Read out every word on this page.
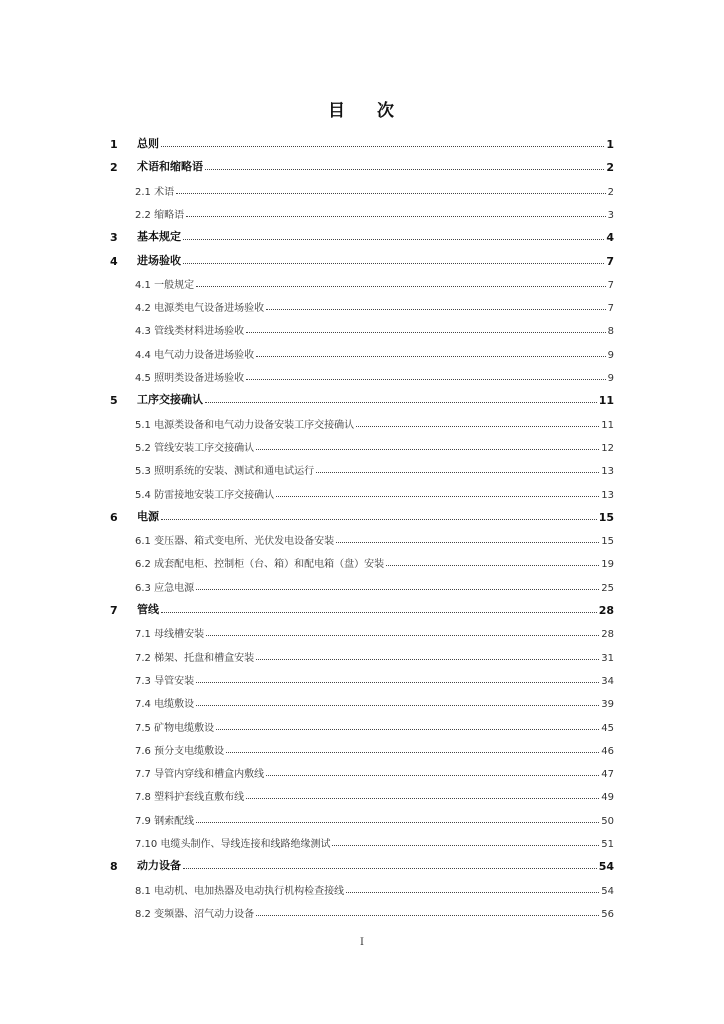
目 次
1	总则	1
2	术语和缩略语	2
2.1 术语	2
2.2 缩略语	3
3	基本规定	4
4	进场验收	7
4.1 一般规定	7
4.2 电源类电气设备进场验收	7
4.3 管线类材料进场验收	8
4.4 电气动力设备进场验收	9
4.5 照明类设备进场验收	9
5	工序交接确认	11
5.1 电源类设备和电气动力设备安装工序交接确认	11
5.2 管线安装工序交接确认	12
5.3 照明系统的安装、测试和通电试运行	13
5.4 防雷接地安装工序交接确认	13
6	电源	15
6.1 变压器、箱式变电所、光伏发电设备安装	15
6.2 成套配电柜、控制柜（台、箱）和配电箱（盘）安装	19
6.3 应急电源	25
7	管线	28
7.1 母线槽安装	28
7.2 梯架、托盘和槽盒安装	31
7.3 导管安装	34
7.4 电缆敷设	39
7.5 矿物电缆敷设	45
7.6 预分支电缆敷设	46
7.7 导管内穿线和槽盒内敷线	47
7.8 塑料护套线直敷布线	49
7.9 钢索配线	50
7.10 电缆头制作、导线连接和线路绝缘测试	51
8	动力设备	54
8.1 电动机、电加热器及电动执行机构检查接线	54
8.2 变频器、沼气动力设备	56
I
